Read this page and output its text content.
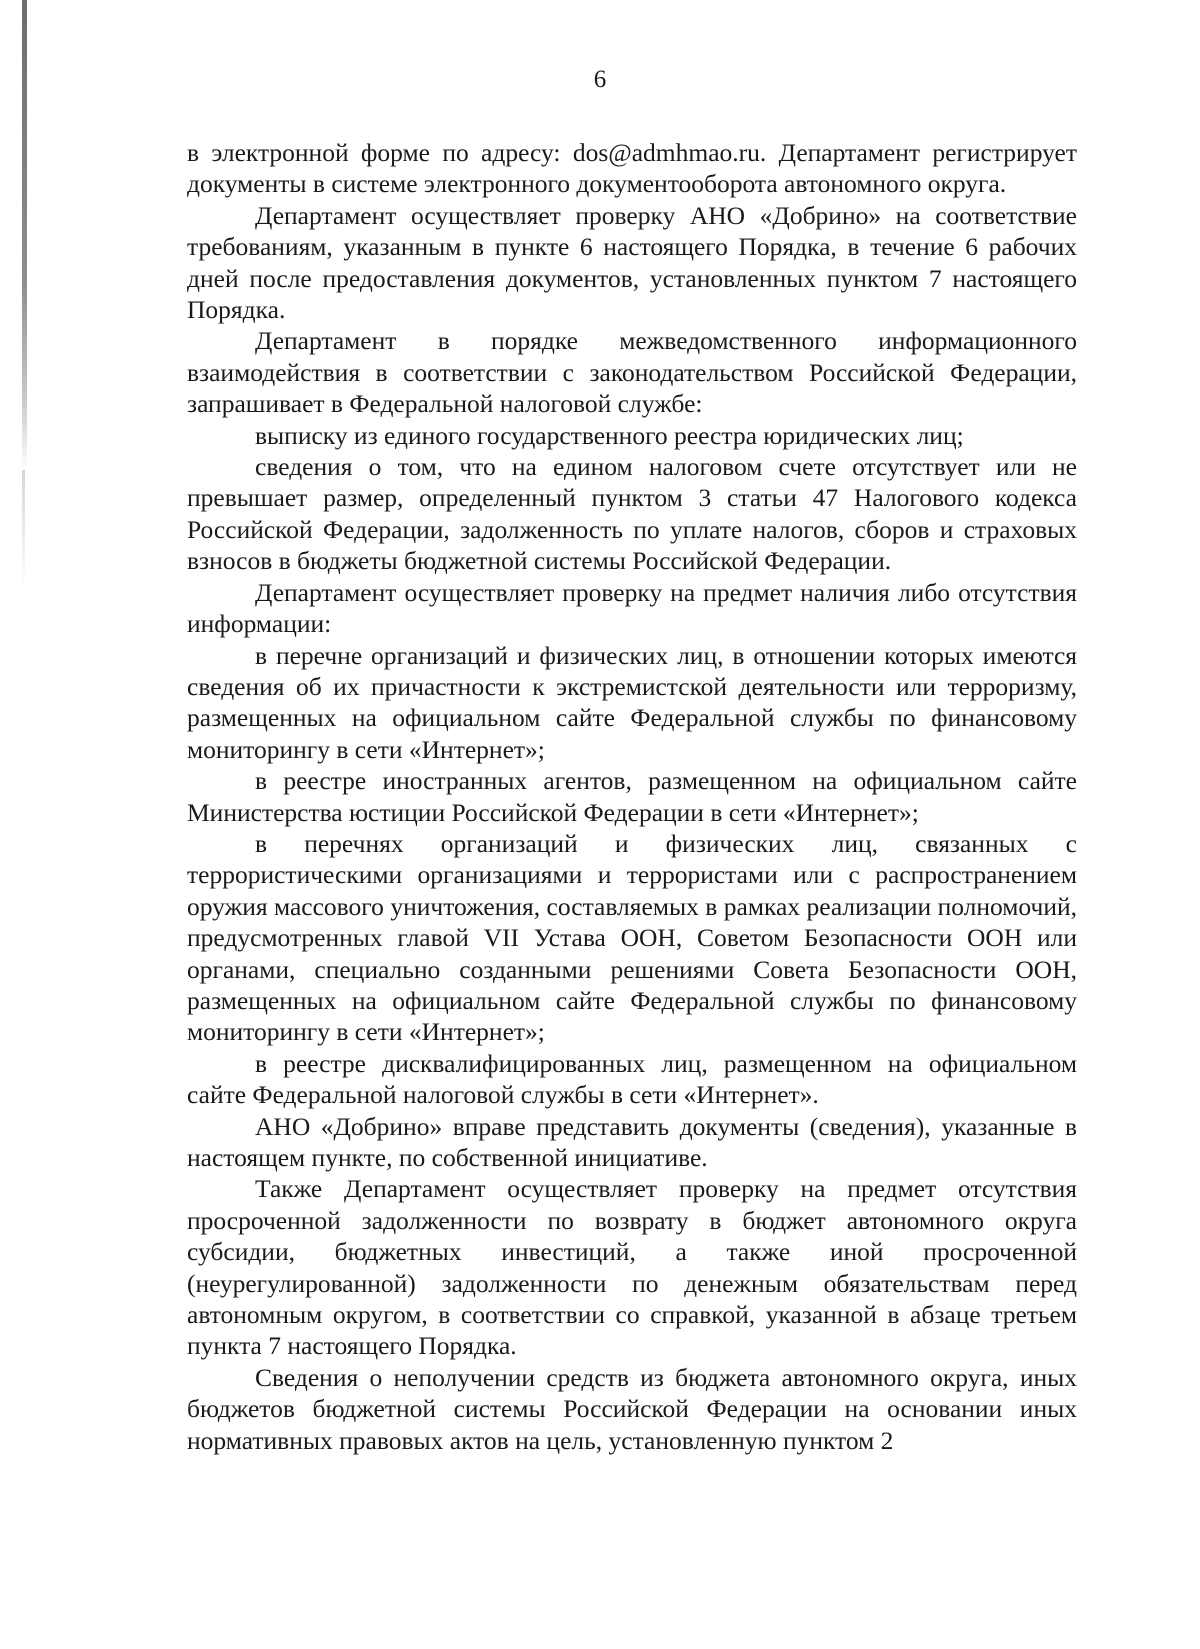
6

в электронной форме по адресу: dos@admhmao.ru. Департамент регистрирует документы в системе электронного документооборота автономного округа.

Департамент осуществляет проверку АНО «Добрино» на соответствие требованиям, указанным в пункте 6 настоящего Порядка, в течение 6 рабочих дней после предоставления документов, установленных пунктом 7 настоящего Порядка.

Департамент в порядке межведомственного информационного взаимодействия в соответствии с законодательством Российской Федерации, запрашивает в Федеральной налоговой службе:

выписку из единого государственного реестра юридических лиц;

сведения о том, что на едином налоговом счете отсутствует или не превышает размер, определенный пунктом 3 статьи 47 Налогового кодекса Российской Федерации, задолженность по уплате налогов, сборов и страховых взносов в бюджеты бюджетной системы Российской Федерации.

Департамент осуществляет проверку на предмет наличия либо отсутствия информации:

в перечне организаций и физических лиц, в отношении которых имеются сведения об их причастности к экстремистской деятельности или терроризму, размещенных на официальном сайте Федеральной службы по финансовому мониторингу в сети «Интернет»;

в реестре иностранных агентов, размещенном на официальном сайте Министерства юстиции Российской Федерации в сети «Интернет»;

в перечнях организаций и физических лиц, связанных с террористическими организациями и террористами или с распространением оружия массового уничтожения, составляемых в рамках реализации полномочий, предусмотренных главой VII Устава ООН, Советом Безопасности ООН или органами, специально созданными решениями Совета Безопасности ООН, размещенных на официальном сайте Федеральной службы по финансовому мониторингу в сети «Интернет»;

в реестре дисквалифицированных лиц, размещенном на официальном сайте Федеральной налоговой службы в сети «Интернет».

АНО «Добрино» вправе представить документы (сведения), указанные в настоящем пункте, по собственной инициативе.

Также Департамент осуществляет проверку на предмет отсутствия просроченной задолженности по возврату в бюджет автономного округа субсидии, бюджетных инвестиций, а также иной просроченной (неурегулированной) задолженности по денежным обязательствам перед автономным округом, в соответствии со справкой, указанной в абзаце третьем пункта 7 настоящего Порядка.

Сведения о неполучении средств из бюджета автономного округа, иных бюджетов бюджетной системы Российской Федерации на основании иных нормативных правовых актов на цель, установленную пунктом 2
